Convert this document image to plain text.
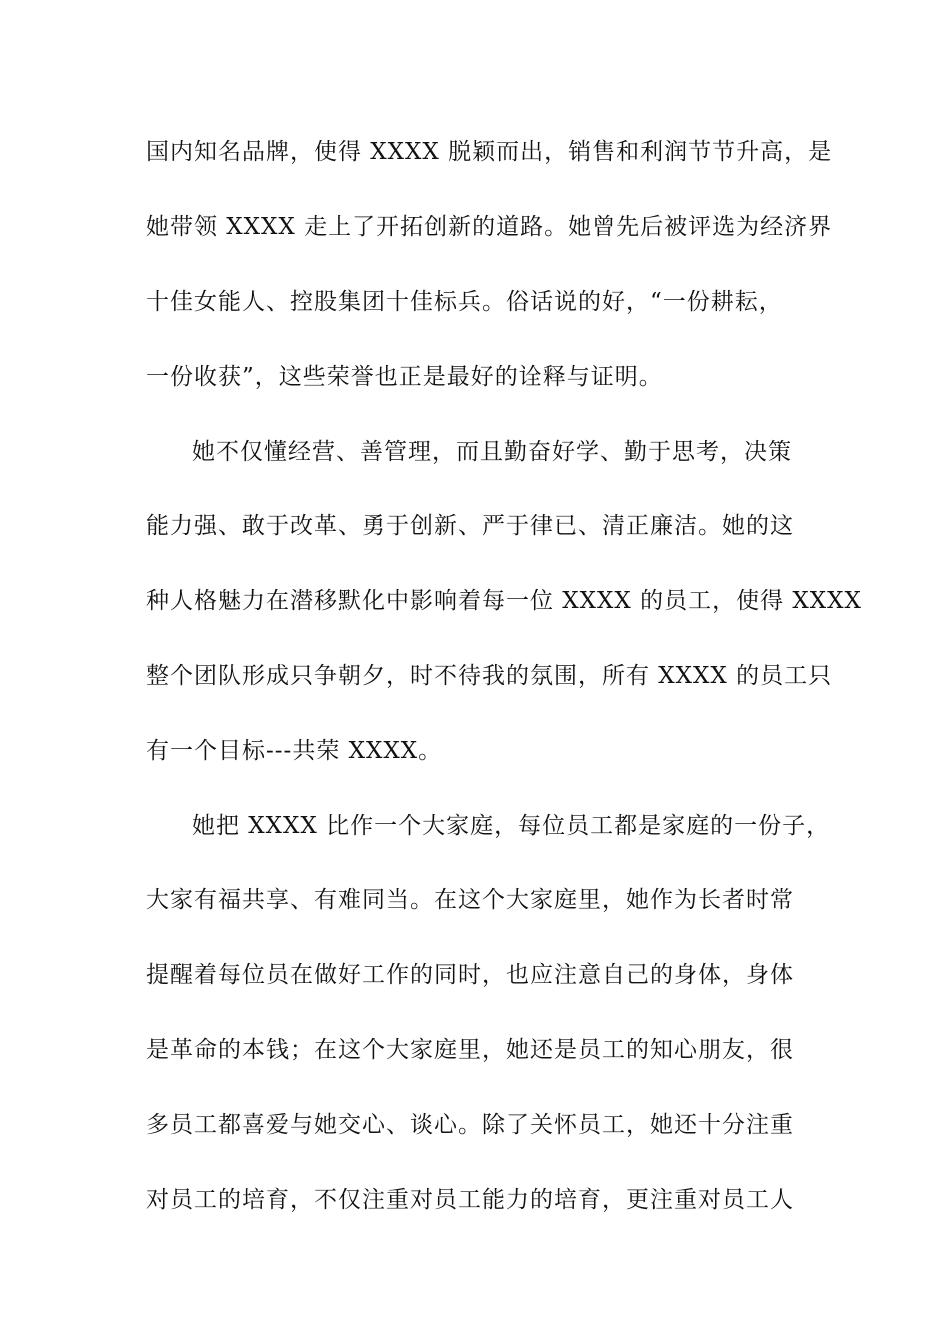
国内知名品牌，使得 XXXX 脱颖而出，销售和利润节节升高，是
她带领 XXXX 走上了开拓创新的道路。她曾先后被评选为经济界
十佳女能人、控股集团十佳标兵。俗话说的好，“一份耕耘，
一份收获”，这些荣誉也正是最好的诠释与证明。
她不仅懂经营、善管理，而且勤奋好学、勤于思考，决策
能力强、敢于改革、勇于创新、严于律已、清正廉洁。她的这
种人格魅力在潜移默化中影响着每一位 XXXX 的员工，使得 XXXX
整个团队形成只争朝夕，时不待我的氛围，所有 XXXX 的员工只
有一个目标---共荣 XXXX。
她把 XXXX 比作一个大家庭，每位员工都是家庭的一份子，
大家有福共享、有难同当。在这个大家庭里，她作为长者时常
提醒着每位员在做好工作的同时，也应注意自己的身体，身体
是革命的本钱；在这个大家庭里，她还是员工的知心朋友，很
多员工都喜爱与她交心、谈心。除了关怀员工，她还十分注重
对员工的培育，不仅注重对员工能力的培育，更注重对员工人
